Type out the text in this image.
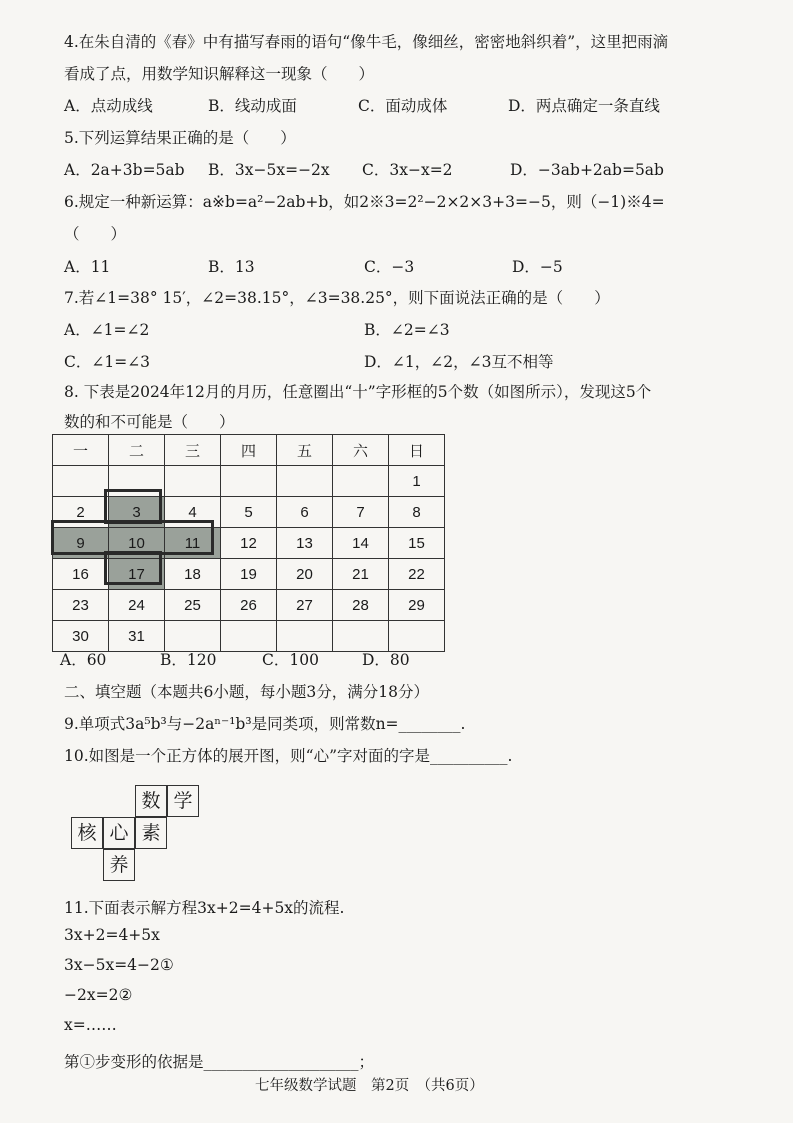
4.在朱自清的《春》中有描写春雨的语句“像牛毛，像细丝，密密地斜织着”，这里把雨滴
看成了点，用数学知识解释这一现象（　　）
A．点动成线	B．线动成面	C．面动成体	D．两点确定一条直线
5.下列运算结果正确的是（　　）
A．2a+3b=5ab B．3x−5x=−2x C．3x−x=2	D．−3ab+2ab=5ab
6.规定一种新运算：a※b=a²−2ab+b，如2※3=2²−2×2×3+3=−5，则（−1)※4=
（　　）
A．11	B．13	C．−3	D．−5
7.若∠1=38° 15′，∠2=38.15°，∠3=38.25°，则下面说法正确的是（　　）
A．∠1=∠2	B．∠2=∠3
C．∠1=∠3	D．∠1，∠2，∠3互不相等
8. 下表是2024年12月的月历，任意圈出“十”字形框的5个数（如图所示），发现这5个
数的和不可能是（　　）
一	二	三	四	五	六	日
						1
2	3	4	5	6	7	8
9	10	11	12	13	14	15
16	17	18	19	20	21	22
23	24	25	26	27	28	29
30	31					
A．60	B．120	C．100	D．80
二、填空题（本题共6小题，每小题3分，满分18分）
9.单项式3a⁵b³与−2aⁿ⁻¹b³是同类项，则常数n=________.
10.如图是一个正方体的展开图，则“心”字对面的字是__________.
数 学
核 心 素
养
11.下面表示解方程3x+2=4+5x的流程.
3x+2=4+5x
3x−5x=4−2①
−2x=2②
x=……
第①步变形的依据是____________________；
七年级数学试题　第2页　（共6页）
